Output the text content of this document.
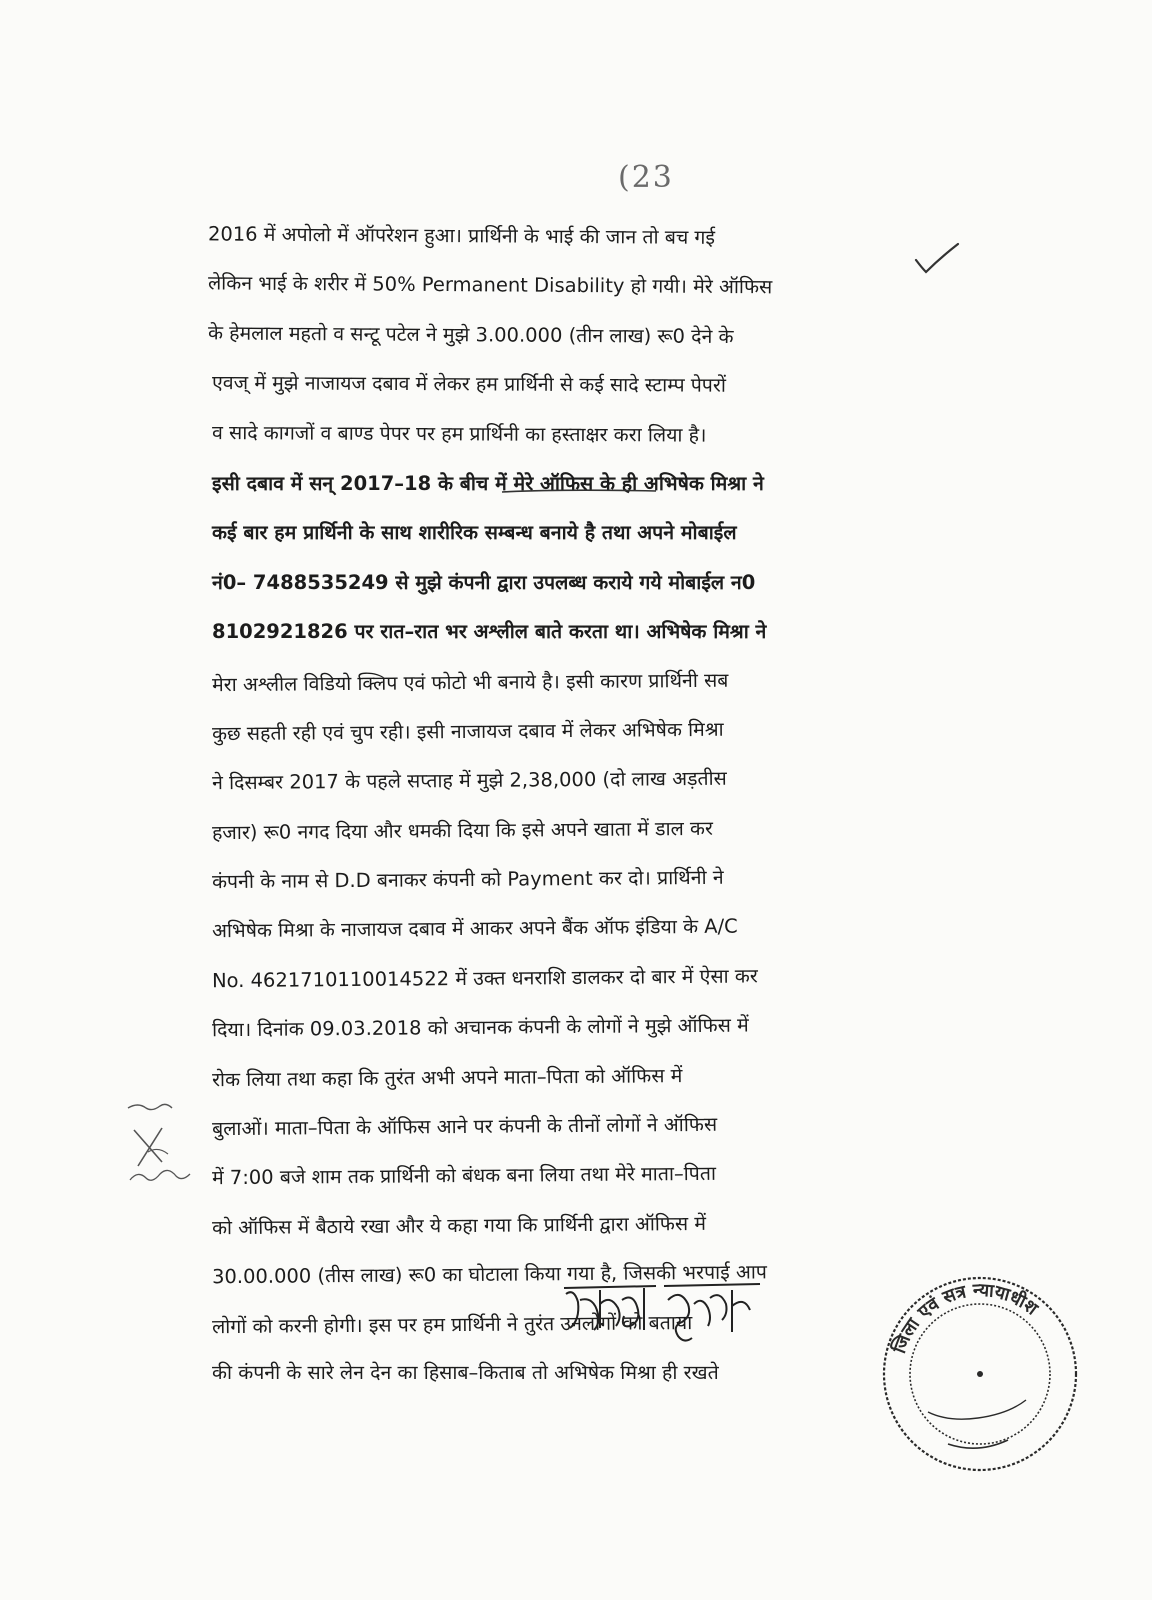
(23
2016 में अपोलो में ऑपरेशन हुआ। प्रार्थिनी के भाई की जान तो बच गई
लेकिन भाई के शरीर में 50% Permanent Disability हो गयी। मेरे ऑफिस
के हेमलाल महतो व सन्टू पटेल ने मुझे 3.00.000 (तीन लाख) रू0 देने के
एवज् में मुझे नाजायज दबाव में लेकर हम प्रार्थिनी से कई सादे स्टाम्प पेपरों
व सादे कागजों व बाण्ड पेपर पर हम प्रार्थिनी का हस्ताक्षर करा लिया है।
इसी दबाव में सन् 2017–18 के बीच में मेरे ऑफिस के ही अभिषेक मिश्रा ने
कई बार हम प्रार्थिनी के साथ शारीरिक सम्बन्ध बनाये है तथा अपने मोबाईल
नं0– 7488535249 से मुझे कंपनी द्वारा उपलब्ध कराये गये मोबाईल न0
8102921826 पर रात–रात भर अश्लील बाते करता था। अभिषेक मिश्रा ने
मेरा अश्लील विडियो क्लिप एवं फोटो भी बनाये है। इसी कारण प्रार्थिनी सब
कुछ सहती रही एवं चुप रही। इसी नाजायज दबाव में लेकर अभिषेक मिश्रा
ने दिसम्बर 2017 के पहले सप्ताह में मुझे 2,38,000 (दो लाख अड़तीस
हजार) रू0 नगद दिया और धमकी दिया कि इसे अपने खाता में डाल कर
कंपनी के नाम से D.D बनाकर कंपनी को Payment कर दो। प्रार्थिनी ने
अभिषेक मिश्रा के नाजायज दबाव में आकर अपने बैंक ऑफ इंडिया के A/C
No. 4621710110014522 में उक्त धनराशि डालकर दो बार में ऐसा कर
दिया। दिनांक 09.03.2018 को अचानक कंपनी के लोगों ने मुझे ऑफिस में
रोक लिया तथा कहा कि तुरंत अभी अपने माता–पिता को ऑफिस में
बुलाओं। माता–पिता के ऑफिस आने पर कंपनी के तीनों लोगों ने ऑफिस
में 7:00 बजे शाम तक प्रार्थिनी को बंधक बना लिया तथा मेरे माता–पिता
को ऑफिस में बैठाये रखा और ये कहा गया कि प्रार्थिनी द्वारा ऑफिस में
30.00.000 (तीस लाख) रू0 का घोटाला किया गया है, जिसकी भरपाई आप
लोगों को करनी होगी। इस पर हम प्रार्थिनी ने तुरंत उनलोगों को बताया
की कंपनी के सारे लेन देन का हिसाब–किताब तो अभिषेक मिश्रा ही रखते
जिला एवं सत्र न्यायाधीश
